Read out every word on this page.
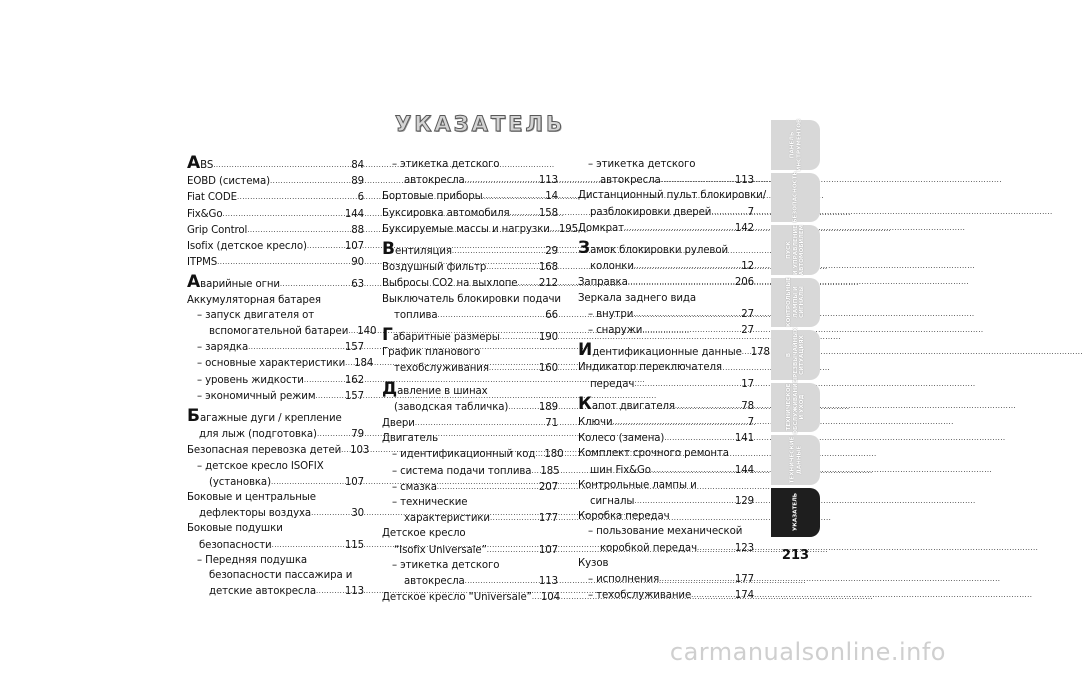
УКАЗАТЕЛЬ
ABS .....	84
EOBD (система) .....	89
Fiat CODE .....	6
Fix&Go .....	144
Grip Control .....	88
Isofix (детское кресло) .....	107
ITPMS .....	90
Аварийные огни .....	63
Аккумуляторная батарея
– запуск двигателя от
вспомогательной батареи ..... 140
– зарядка .....	157
– основные характеристики ..... 184
– уровень жидкости .....	162
– экономичный режим .....	157
Багажные дуги / крепление
для лыж (подготовка) .....	79
Безопасная перевозка детей ..... 103
– детское кресло ISOFIX
(установка) .....	107
Боковые и центральные
дефлекторы воздуха .....	30
Боковые подушки
безопасности .....	115
– Передняя подушка
безопасности пассажира и
детские автокресла .....	113
– этикетка детского
автокресла .....	113
Бортовые приборы .....	14
Буксировка автомобиля .....	158
Буксируемые массы и нагрузки ..... 195
Вентиляция .....	29
Воздушный фильтр .....	168
Выбросы CO2 на выхлопе ..... 212
Выключатель блокировки подачи
топлива .....	66
Габаритные размеры .....	190
График планового
техобслуживания .....	160
Давление в шинах
(заводская табличка) .....	189
Двери .....	71
Двигатель
– идентификационный код ..... 180
– система подачи топлива ..... 185
– смазка .....	207
– технические
характеристики .....	177
Детское кресло
“Isofix Universale” .....	107
– этикетка детского
автокресла .....	113
Детское кресло “Universale” ..... 104
– этикетка детского
автокресла .....	113
Дистанционный пульт блокировки/
разблокировки дверей .....	7
Домкрат .....	142
Замок блокировки рулевой
колонки .....	12
Заправка .....	206
Зеркала заднего вида
– внутри .....	27
– снаружи .....	27
Идентификационные данные ..... 178
Индикатор переключателя
передач .....	17
Капот двигателя .....	78
Ключи .....	7
Колесо (замена) .....	141
Комплект срочного ремонта
шин Fix&Go .....	144
Контрольные лампы и
сигналы .....	129
Коробка передач
– пользование механической
коробкой передач .....	123
Кузов
– исполнения .....	177
– техобслуживание .....	174
ПАНЕЛЬ
ИНСТРУМЕНТОВ
БЕЗОПАСНОСТЬ
ПУСК
И УПРАВЛЕНИЕ
АВТОМОБИЛЕМ
КОНТРОЛЬНЫЕ
ЛАМПЫ И
СИГНАЛЫ
В ЧРЕЗВЫЧАЙНЫХ
СИТУАЦИЯХ
ТЕХНИЧЕСКОЕ
ОБСЛУЖИВАНИЕ
И УХОД
ТЕХНИЧЕСКИЕ
ДАННЫЕ
УКАЗАТЕЛЬ
213
carmanualsonline.info
